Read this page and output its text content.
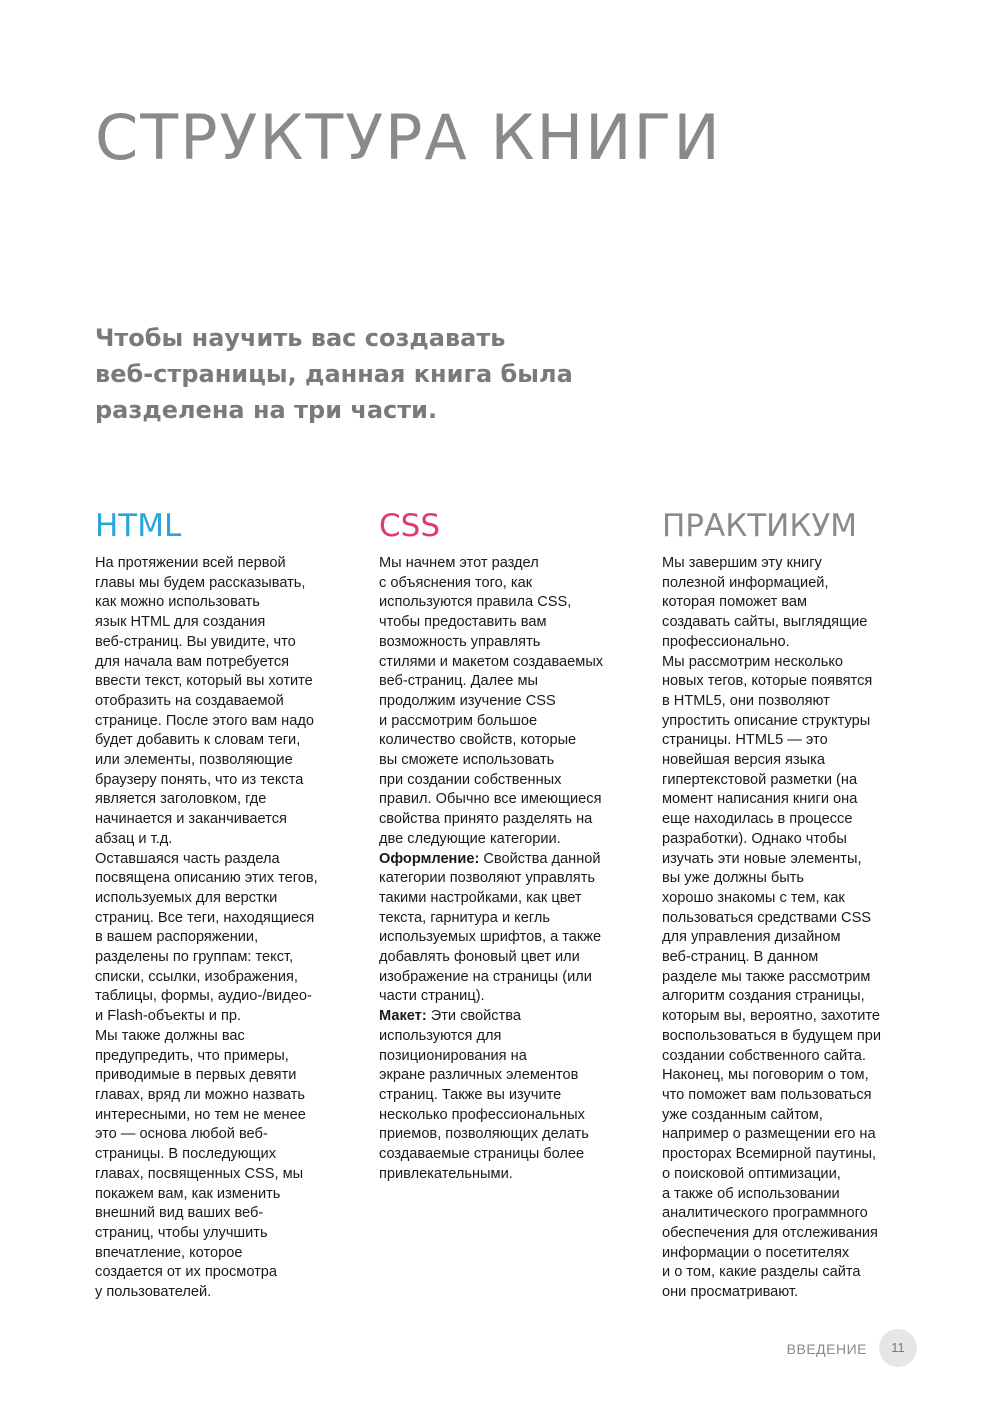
СТРУКТУРА КНИГИ

Чтобы научить вас создавать
веб-страницы, данная книга была
разделена на три части.

HTML
На протяжении всей первой
главы мы будем рассказывать,
как можно использовать
язык HTML для создания
веб-страниц. Вы увидите, что
для начала вам потребуется
ввести текст, который вы хотите
отобразить на создаваемой
странице. После этого вам надо
будет добавить к словам теги,
или элементы, позволяющие
браузеру понять, что из текста
является заголовком, где
начинается и заканчивается
абзац и т.д.
Оставшаяся часть раздела
посвящена описанию этих тегов,
используемых для верстки
страниц. Все теги, находящиеся
в вашем распоряжении,
разделены по группам: текст,
списки, ссылки, изображения,
таблицы, формы, аудио-/видео-
и Flash-объекты и пр.
Мы также должны вас
предупредить, что примеры,
приводимые в первых девяти
главах, вряд ли можно назвать
интересными, но тем не менее
это — основа любой веб-
страницы. В последующих
главах, посвященных CSS, мы
покажем вам, как изменить
внешний вид ваших веб-
страниц, чтобы улучшить
впечатление, которое
создается от их просмотра
у пользователей.
CSS
Мы начнем этот раздел
с объяснения того, как
используются правила CSS,
чтобы предоставить вам
возможность управлять
стилями и макетом создаваемых
веб-страниц. Далее мы
продолжим изучение CSS
и рассмотрим большое
количество свойств, которые
вы сможете использовать
при создании собственных
правил. Обычно все имеющиеся
свойства принято разделять на
две следующие категории.
Оформление: Свойства данной
категории позволяют управлять
такими настройками, как цвет
текста, гарнитура и кегль
используемых шрифтов, а также
добавлять фоновый цвет или
изображение на страницы (или
части страниц).
Макет: Эти свойства
используются для
позиционирования на
экране различных элементов
страниц. Также вы изучите
несколько профессиональных
приемов, позволяющих делать
создаваемые страницы более
привлекательными.
ПРАКТИКУМ
Мы завершим эту книгу
полезной информацией,
которая поможет вам
создавать сайты, выглядящие
профессионально.
Мы рассмотрим несколько
новых тегов, которые появятся
в HTML5, они позволяют
упростить описание структуры
страницы. HTML5 — это
новейшая версия языка
гипертекстовой разметки (на
момент написания книги она
еще находилась в процессе
разработки). Однако чтобы
изучать эти новые элементы,
вы уже должны быть
хорошо знакомы с тем, как
пользоваться средствами CSS
для управления дизайном
веб-страниц. В данном
разделе мы также рассмотрим
алгоритм создания страницы,
которым вы, вероятно, захотите
воспользоваться в будущем при
создании собственного сайта.
Наконец, мы поговорим о том,
что поможет вам пользоваться
уже созданным сайтом,
например о размещении его на
просторах Всемирной паутины,
о поисковой оптимизации,
а также об использовании
аналитического программного
обеспечения для отслеживания
информации о посетителях
и о том, какие разделы сайта
они просматривают.
ВВЕДЕНИЕ	11
